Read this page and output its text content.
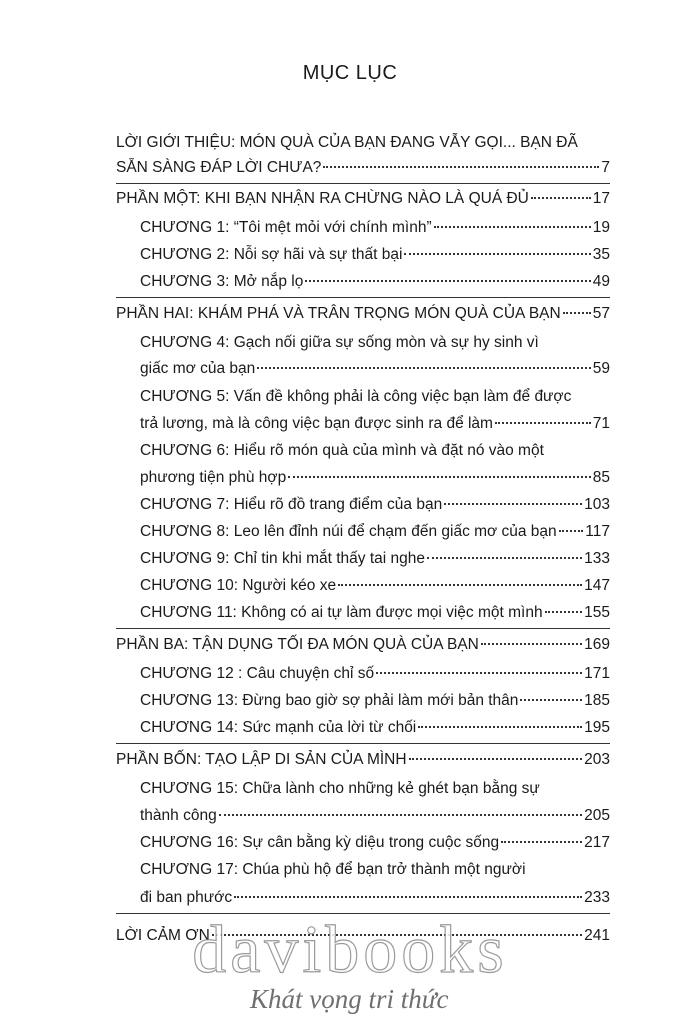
MỤC LỤC
LỜI GIỚI THIỆU: MÓN QUÀ CỦA BẠN ĐANG VẪY GỌI... BẠN ĐÃ
SẴN SÀNG ĐÁP LỜI CHƯA?	7
PHẦN MỘT: KHI BẠN NHẬN RA CHỪNG NÀO LÀ QUÁ ĐỦ	17
CHƯƠNG 1: “Tôi mệt mỏi với chính mình”	19
CHƯƠNG 2: Nỗi sợ hãi và sự thất bại	35
CHƯƠNG 3: Mở nắp lọ	49
PHẦN HAI: KHÁM PHÁ VÀ TRÂN TRỌNG MÓN QUÀ CỦA BẠN 57
CHƯƠNG 4: Gạch nối giữa sự sống mòn và sự hy sinh vì
giấc mơ của bạn	59
CHƯƠNG 5: Vấn đề không phải là công việc bạn làm để được
trả lương, mà là công việc bạn được sinh ra để làm	71
CHƯƠNG 6: Hiểu rõ món quà của mình và đặt nó vào một
phương tiện phù hợp	85
CHƯƠNG 7: Hiểu rõ đồ trang điểm của bạn	103
CHƯƠNG 8: Leo lên đỉnh núi để chạm đến giấc mơ của bạn 117
CHƯƠNG 9: Chỉ tin khi mắt thấy tai nghe	133
CHƯƠNG 10: Người kéo xe	147
CHƯƠNG 11: Không có ai tự làm được mọi việc một mình	155
PHẦN BA: TẬN DỤNG TỐI ĐA MÓN QUÀ CỦA BẠN	169
CHƯƠNG 12 : Câu chuyện chỉ số	171
CHƯƠNG 13: Đừng bao giờ sợ phải làm mới bản thân	185
CHƯƠNG 14: Sức mạnh của lời từ chối	195
PHẦN BỐN: TẠO LẬP DI SẢN CỦA MÌNH	203
CHƯƠNG 15: Chữa lành cho những kẻ ghét bạn bằng sự
thành công	205
CHƯƠNG 16: Sự cân bằng kỳ diệu trong cuộc sống	217
CHƯƠNG 17: Chúa phù hộ để bạn trở thành một người
đi ban phước	233
LỜI CẢM ƠN	241
davibooks
Khát vọng tri thức
